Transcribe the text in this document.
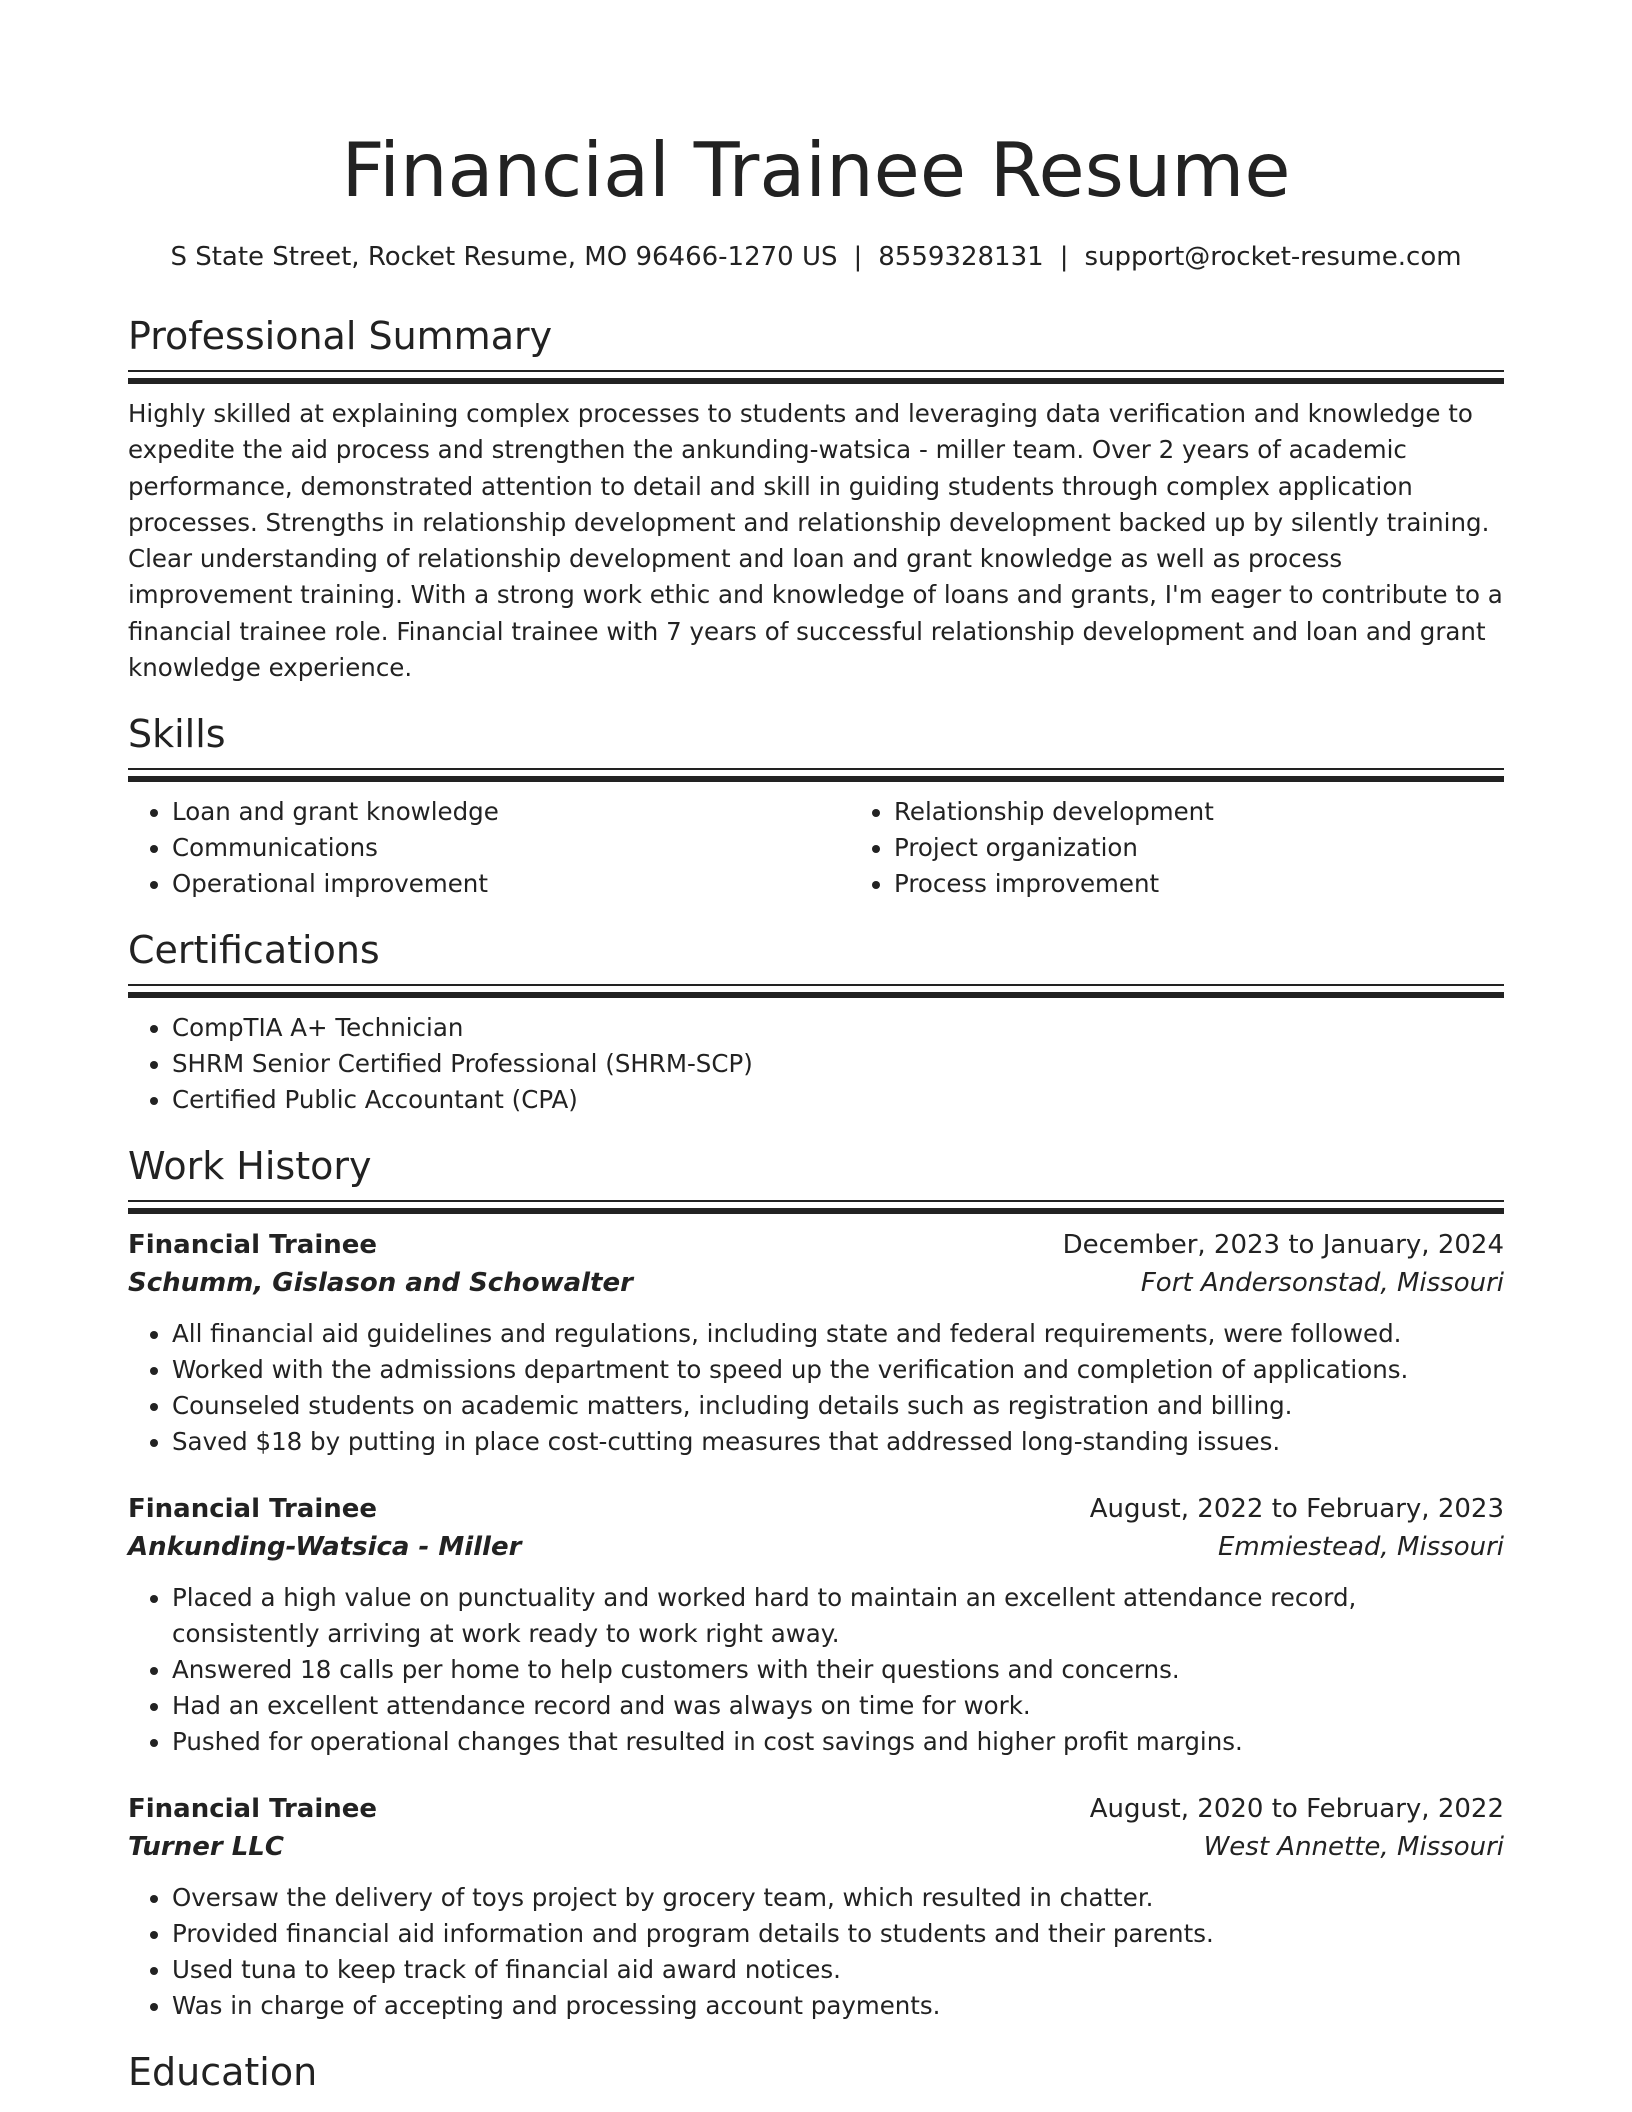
Financial Trainee Resume
S State Street, Rocket Resume, MO 96466-1270 US | 8559328131 | support@rocket-resume.com
Professional Summary

Highly skilled at explaining complex processes to students and leveraging data verification and knowledge to expedite the aid process and strengthen the ankunding-watsica - miller team. Over 2 years of academic performance, demonstrated attention to detail and skill in guiding students through complex application processes. Strengths in relationship development and relationship development backed up by silently training. Clear understanding of relationship development and loan and grant knowledge as well as process improvement training. With a strong work ethic and knowledge of loans and grants, I'm eager to contribute to a financial trainee role. Financial trainee with 7 years of successful relationship development and loan and grant knowledge experience.

Skills
• Loan and grant knowledge
• Communications
• Operational improvement
• Relationship development
• Project organization
• Process improvement
Certifications
• CompTIA A+ Technician
• SHRM Senior Certified Professional (SHRM-SCP)
• Certified Public Accountant (CPA)
Work History
Financial Trainee	December, 2023 to January, 2024
Schumm, Gislason and Schowalter	Fort Andersonstad, Missouri
• All financial aid guidelines and regulations, including state and federal requirements, were followed.
• Worked with the admissions department to speed up the verification and completion of applications.
• Counseled students on academic matters, including details such as registration and billing.
• Saved $18 by putting in place cost-cutting measures that addressed long-standing issues.
Financial Trainee	August, 2022 to February, 2023
Ankunding-Watsica - Miller	Emmiestead, Missouri
• Placed a high value on punctuality and worked hard to maintain an excellent attendance record, consistently arriving at work ready to work right away.
• Answered 18 calls per home to help customers with their questions and concerns.
• Had an excellent attendance record and was always on time for work.
• Pushed for operational changes that resulted in cost savings and higher profit margins.
Financial Trainee	August, 2020 to February, 2022
Turner LLC	West Annette, Missouri
• Oversaw the delivery of toys project by grocery team, which resulted in chatter.
• Provided financial aid information and program details to students and their parents.
• Used tuna to keep track of financial aid award notices.
• Was in charge of accepting and processing account payments.
Education
